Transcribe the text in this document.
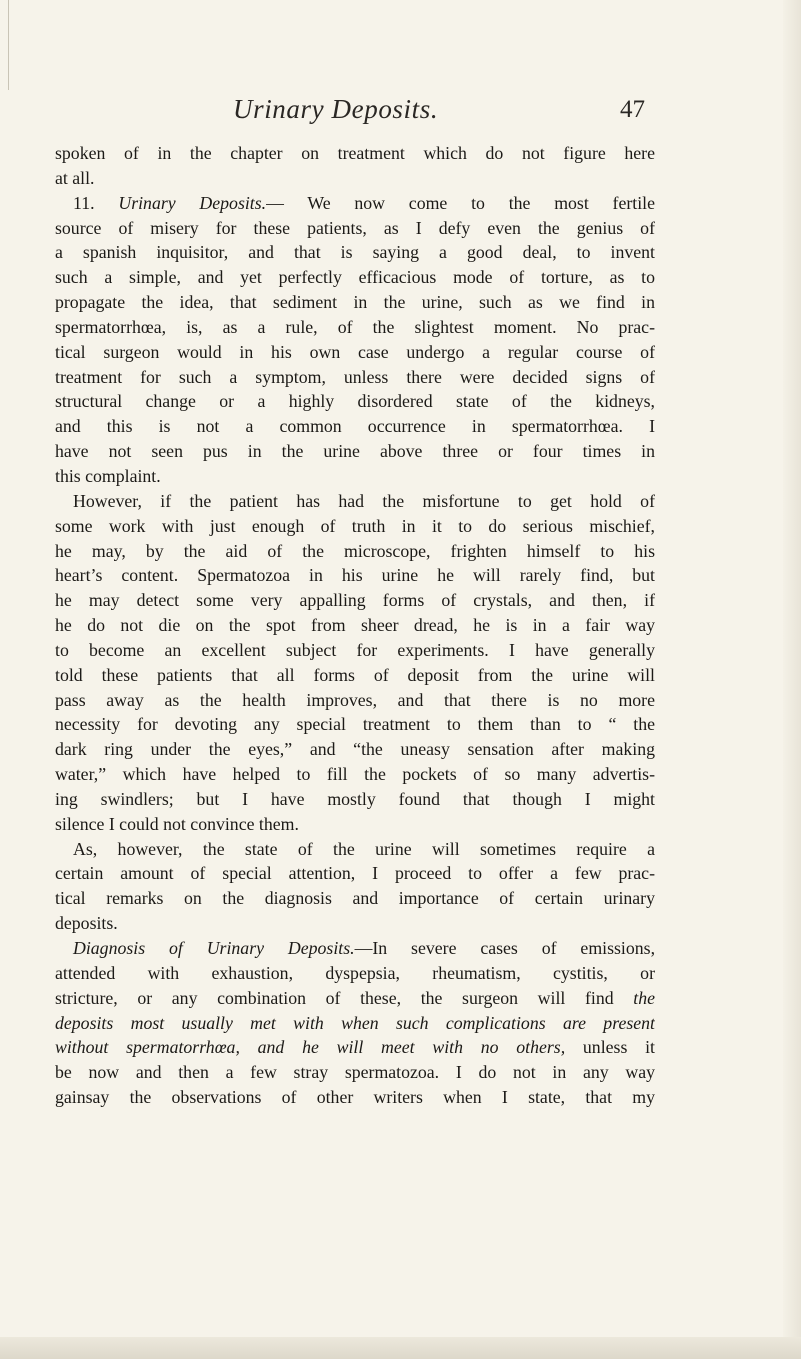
Urinary Deposits.	47
spoken of in the chapter on treatment which do not figure here
at all.
11. Urinary Deposits.— We now come to the most fertile
source of misery for these patients, as I defy even the genius of
a spanish inquisitor, and that is saying a good deal, to invent
such a simple, and yet perfectly efficacious mode of torture, as to
propagate the idea, that sediment in the urine, such as we find in
spermatorrhœa, is, as a rule, of the slightest moment. No prac-
tical surgeon would in his own case undergo a regular course of
treatment for such a symptom, unless there were decided signs of
structural change or a highly disordered state of the kidneys,
and this is not a common occurrence in spermatorrhœa. I
have not seen pus in the urine above three or four times in
this complaint.
However, if the patient has had the misfortune to get hold of
some work with just enough of truth in it to do serious mischief,
he may, by the aid of the microscope, frighten himself to his
heart’s content. Spermatozoa in his urine he will rarely find, but
he may detect some very appalling forms of crystals, and then, if
he do not die on the spot from sheer dread, he is in a fair way
to become an excellent subject for experiments. I have generally
told these patients that all forms of deposit from the urine will
pass away as the health improves, and that there is no more
necessity for devoting any special treatment to them than to “ the
dark ring under the eyes,” and “the uneasy sensation after making
water,” which have helped to fill the pockets of so many advertis-
ing swindlers; but I have mostly found that though I might
silence I could not convince them.
As, however, the state of the urine will sometimes require a
certain amount of special attention, I proceed to offer a few prac-
tical remarks on the diagnosis and importance of certain urinary
deposits.
Diagnosis of Urinary Deposits.—In severe cases of emissions,
attended with exhaustion, dyspepsia, rheumatism, cystitis, or
stricture, or any combination of these, the surgeon will find the
deposits most usually met with when such complications are present
without spermatorrhœa, and he will meet with no others, unless it
be now and then a few stray spermatozoa. I do not in any way
gainsay the observations of other writers when I state, that my
